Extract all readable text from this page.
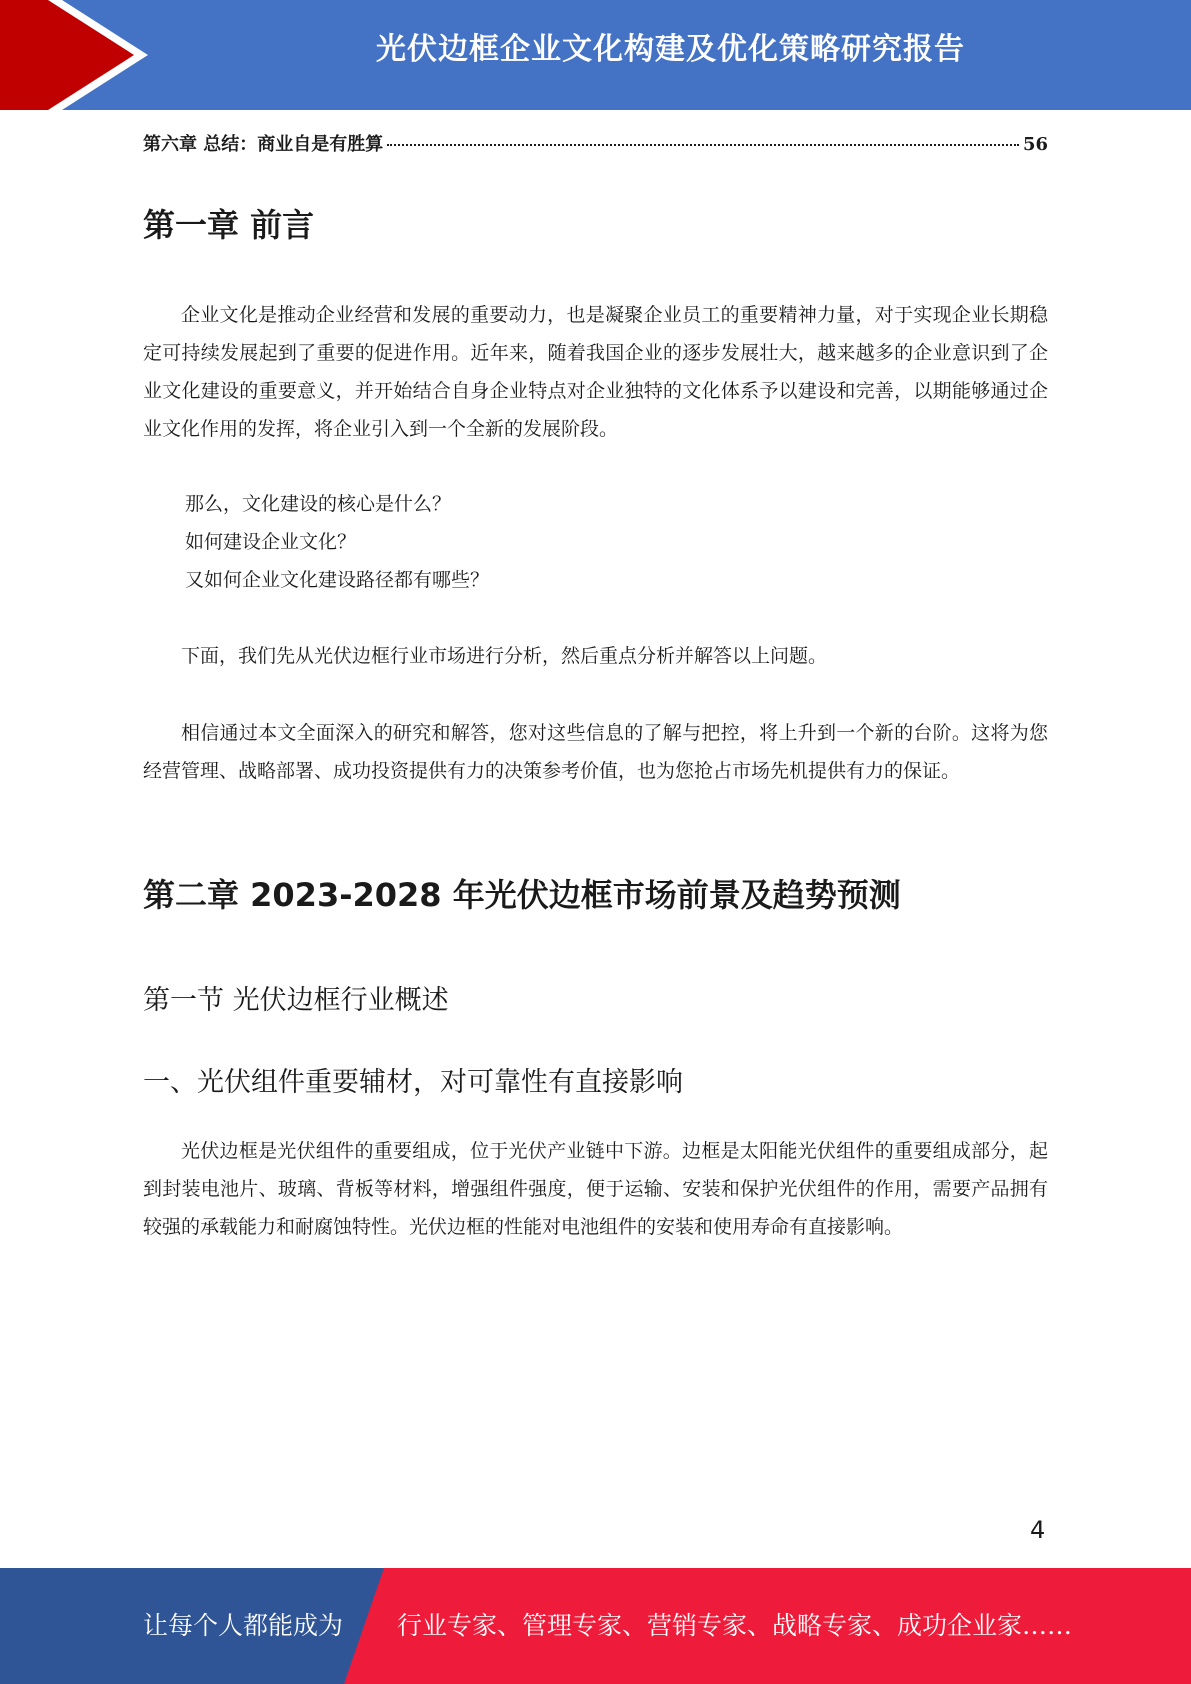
光伏边框企业文化构建及优化策略研究报告
第六章 总结：商业自是有胜算	56
第一章 前言

企业文化是推动企业经营和发展的重要动力，也是凝聚企业员工的重要精神力量，对于实现企业长期稳定可持续发展起到了重要的促进作用。近年来，随着我国企业的逐步发展壮大，越来越多的企业意识到了企业文化建设的重要意义，并开始结合自身企业特点对企业独特的文化体系予以建设和完善，以期能够通过企业文化作用的发挥，将企业引入到一个全新的发展阶段。

那么，文化建设的核心是什么？

如何建设企业文化？

又如何企业文化建设路径都有哪些？

下面，我们先从光伏边框行业市场进行分析，然后重点分析并解答以上问题。

相信通过本文全面深入的研究和解答，您对这些信息的了解与把控，将上升到一个新的台阶。这将为您经营管理、战略部署、成功投资提供有力的决策参考价值，也为您抢占市场先机提供有力的保证。

第二章 2023-2028 年光伏边框市场前景及趋势预测
第一节 光伏边框行业概述
一、光伏组件重要辅材，对可靠性有直接影响

光伏边框是光伏组件的重要组成，位于光伏产业链中下游。边框是太阳能光伏组件的重要组成部分，起到封装电池片、玻璃、背板等材料，增强组件强度，便于运输、安装和保护光伏组件的作用，需要产品拥有较强的承载能力和耐腐蚀特性。光伏边框的性能对电池组件的安装和使用寿命有直接影响。

4
让每个人都能成为 行业专家、管理专家、营销专家、战略专家、成功企业家……
